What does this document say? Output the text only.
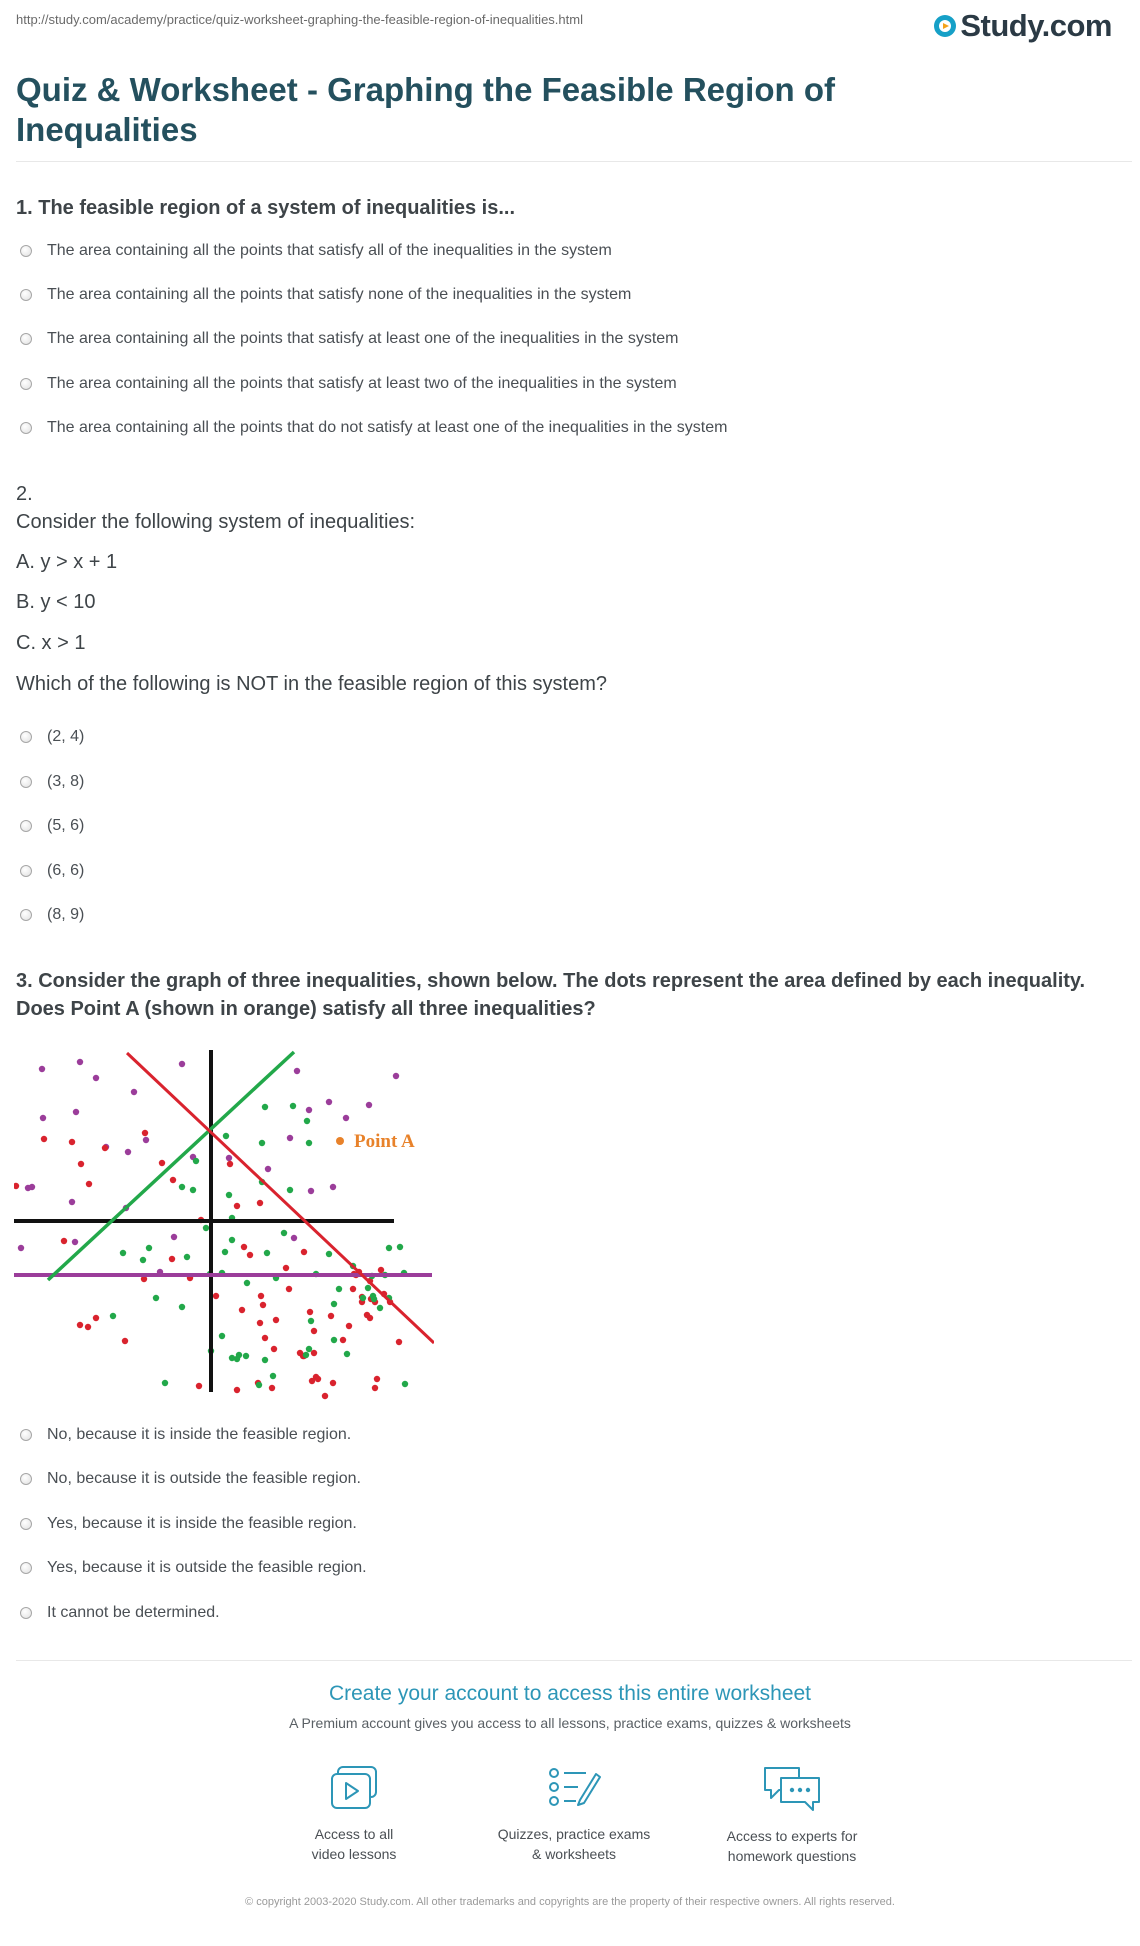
http://study.com/academy/practice/quiz-worksheet-graphing-the-feasible-region-of-inequalities.html	Study.com
Quiz & Worksheet - Graphing the Feasible Region of Inequalities
1. The feasible region of a system of inequalities is...
The area containing all the points that satisfy all of the inequalities in the system
The area containing all the points that satisfy none of the inequalities in the system
The area containing all the points that satisfy at least one of the inequalities in the system
The area containing all the points that satisfy at least two of the inequalities in the system
The area containing all the points that do not satisfy at least one of the inequalities in the system
2.
Consider the following system of inequalities:
A. y > x + 1
B. y < 10
C. x > 1
Which of the following is NOT in the feasible region of this system?
(2, 4)
(3, 8)
(5, 6)
(6, 6)
(8, 9)
3. Consider the graph of three inequalities, shown below. The dots represent the area defined by each inequality.
Does Point A (shown in orange) satisfy all three inequalities?
Point A
No, because it is inside the feasible region.
No, because it is outside the feasible region.
Yes, because it is inside the feasible region.
Yes, because it is outside the feasible region.
It cannot be determined.
Create your account to access this entire worksheet
A Premium account gives you access to all lessons, practice exams, quizzes & worksheets
Access to all
video lessons
Quizzes, practice exams
& worksheets
Access to experts for
homework questions
© copyright 2003-2020 Study.com. All other trademarks and copyrights are the property of their respective owners. All rights reserved.
